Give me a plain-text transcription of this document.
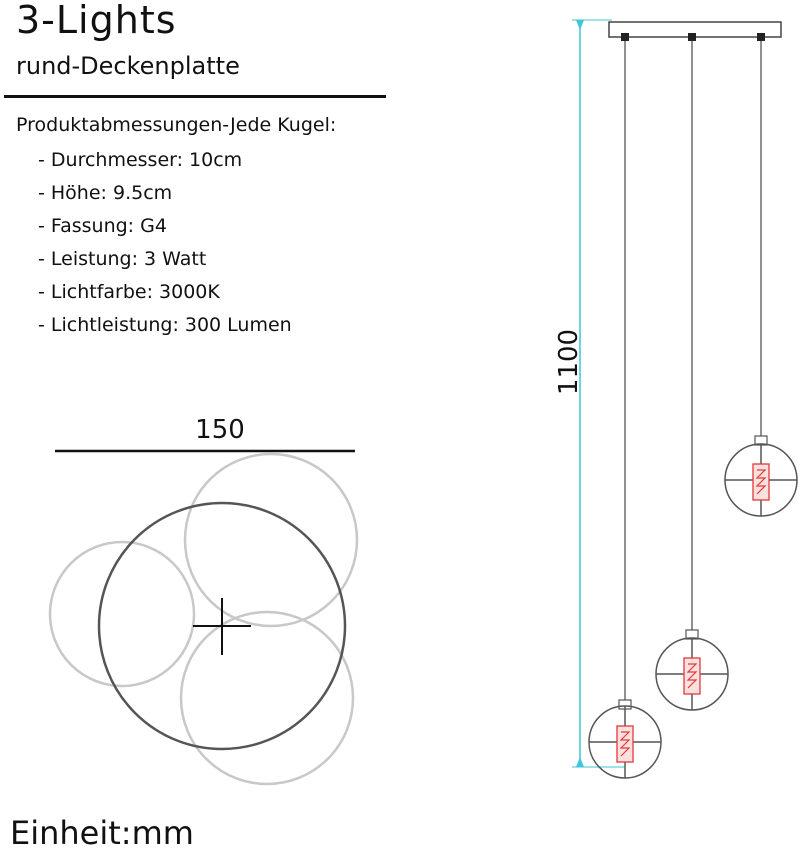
3-Lights
rund-Deckenplatte
Produktabmessungen-Jede Kugel:
- Durchmesser: 10cm
- Höhe: 9.5cm
- Fassung: G4
- Leistung: 3 Watt
- Lichtfarbe: 3000K
- Lichtleistung: 300 Lumen
150
1100
Einheit:mm
